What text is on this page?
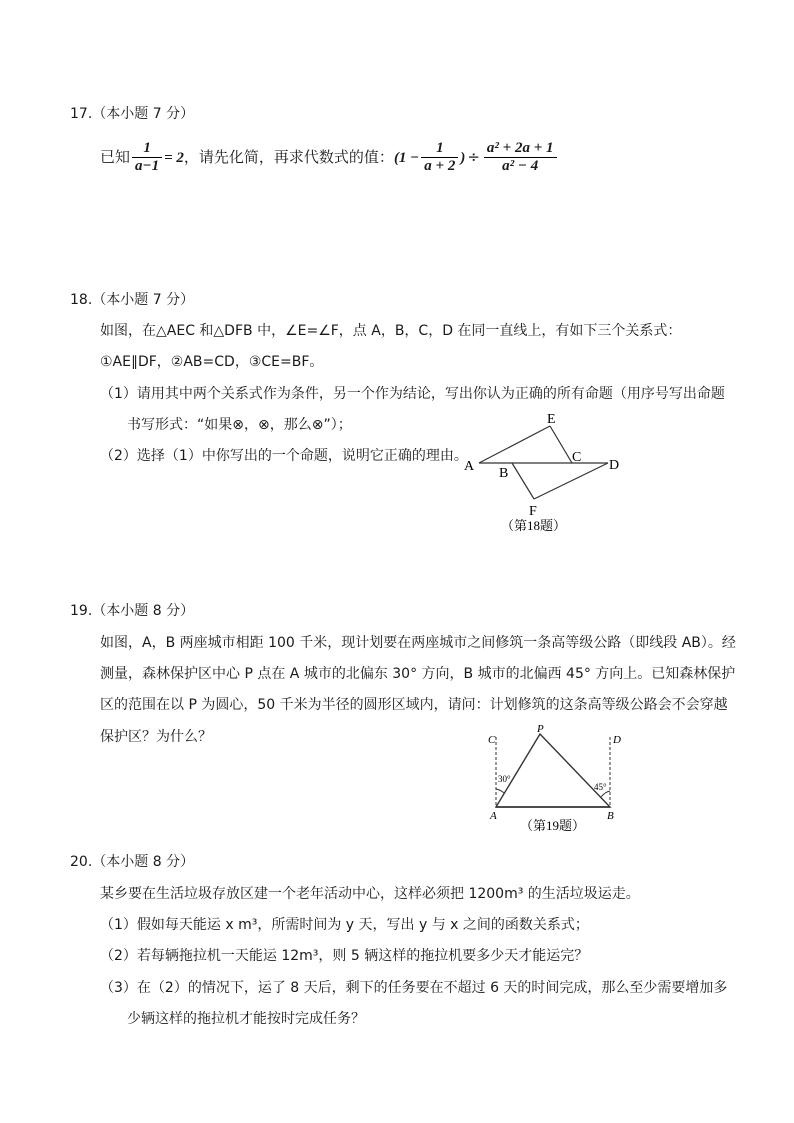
17.（本小题 7 分）
已知 $\frac{1}{a-1} = 2$，请先化简，再求代数式的值：($1 - \frac{1}{a + 2}$ ) ÷ $\frac{\text{a² + 2a + 1}}{\text{a² − 4}}$
18.（本小题 7 分）
如图，在△AEC 和△DFB 中，∠E=∠F，点 A，B，C，D 在同一直线上，有如下三个关系式：
①AE∥DF，②AB=CD，③CE=BF。
（1）请用其中两个关系式作为条件，另一个作为结论，写出你认为正确的所有命题（用序号写出命题
书写形式：“如果⊗，⊗，那么⊗”）；
（2）选择（1）中你写出的一个命题，说明它正确的理由。
A B
C
D
E
F
（第18题）
19.（本小题 8 分）
如图，A，B 两座城市相距 100 千米，现计划要在两座城市之间修筑一条高等级公路（即线段 AB）。经
测量，森林保护区中心 P 点在 A 城市的北偏东 30° 方向，B 城市的北偏西 45° 方向上。已知森林保护
区的范围在以 P 为圆心，50 千米为半径的圆形区域内，请问：计划修筑的这条高等级公路会不会穿越
保护区？为什么？	C	D
P
A	B
30°
45°
（第19题）
20.（本小题 8 分）
某乡要在生活垃圾存放区建一个老年活动中心，这样必须把 1200m³ 的生活垃圾运走。
（1）假如每天能运 x m³，所需时间为 y 天，写出 y 与 x 之间的函数关系式；
（2）若每辆拖拉机一天能运 12m³，则 5 辆这样的拖拉机要多少天才能运完？
（3）在（2）的情况下，运了 8 天后，剩下的任务要在不超过 6 天的时间完成，那么至少需要增加多
少辆这样的拖拉机才能按时完成任务？
